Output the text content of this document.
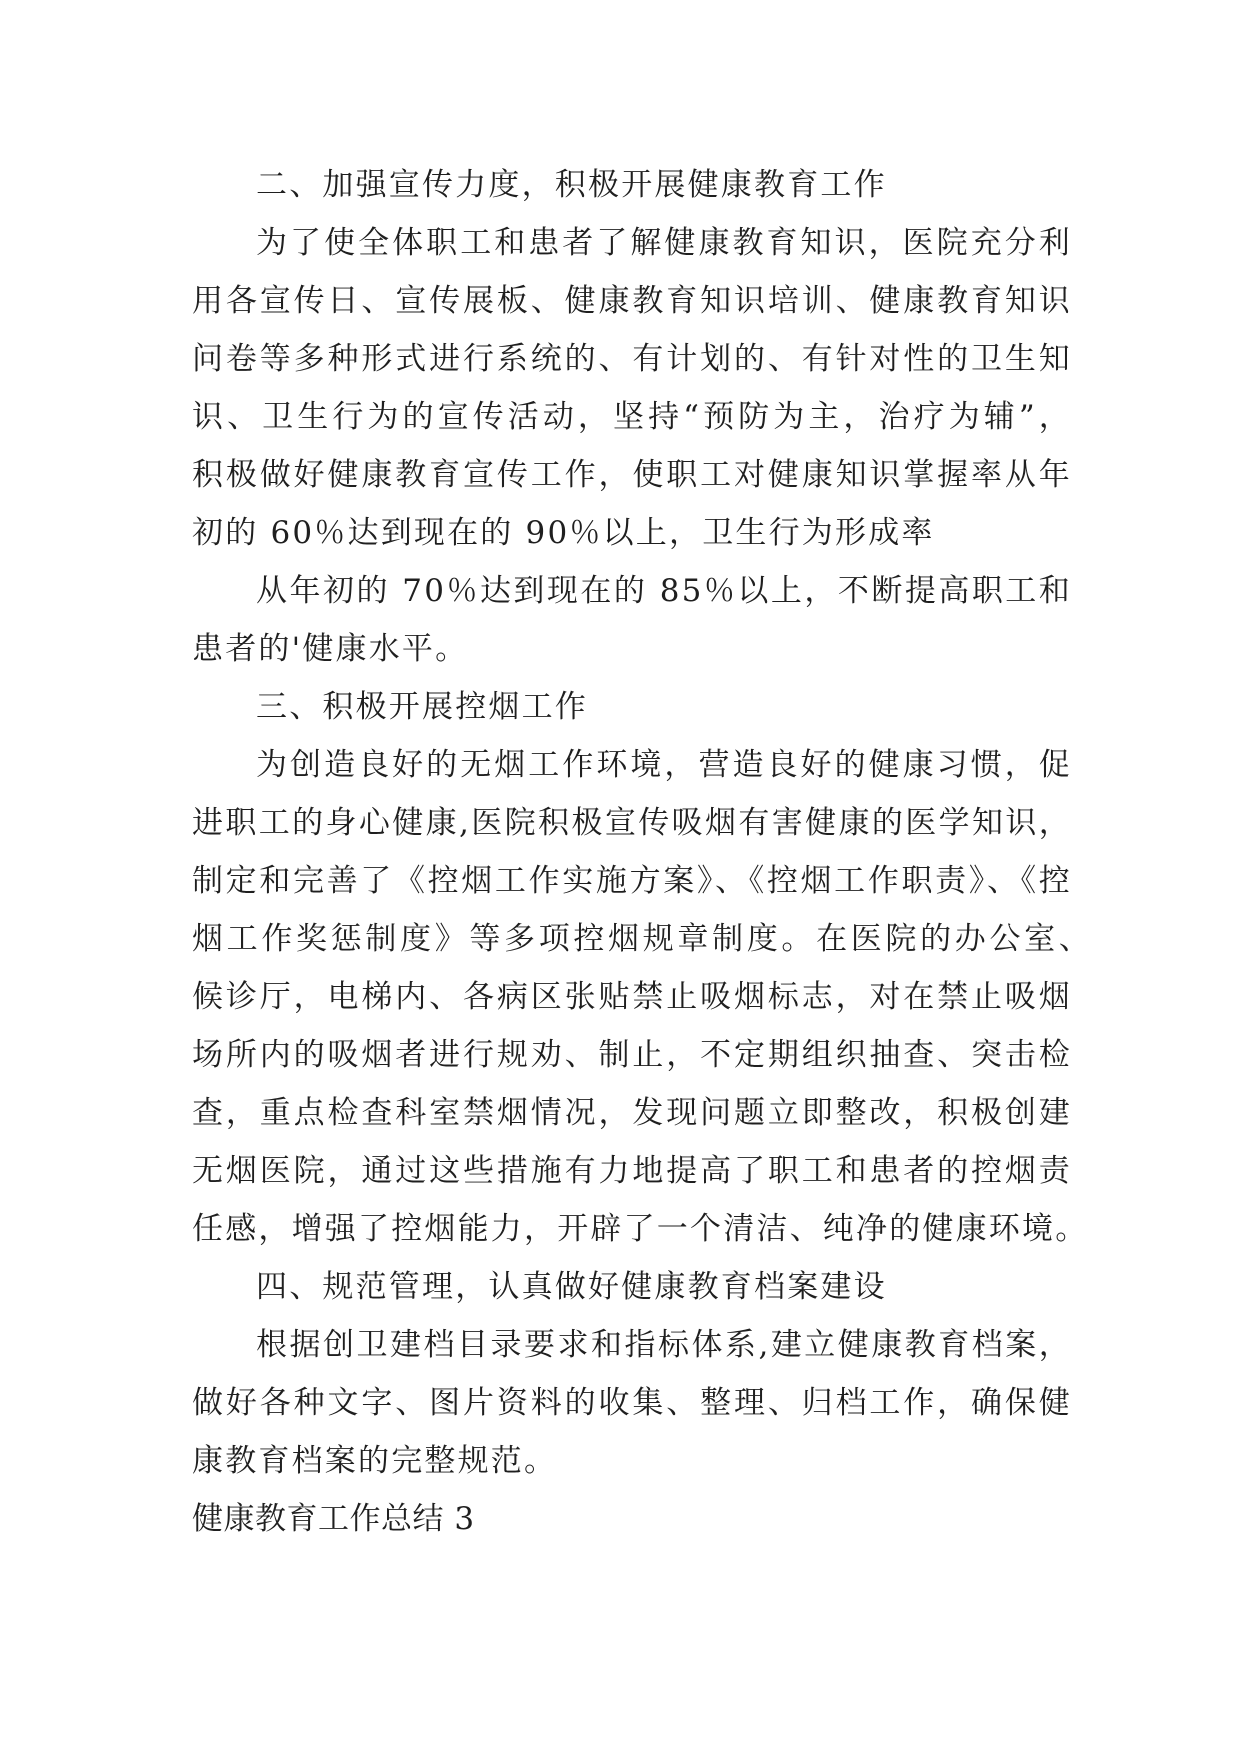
二、加强宣传力度，积极开展健康教育工作
为了使全体职工和患者了解健康教育知识，医院充分利
用各宣传日、宣传展板、健康教育知识培训、健康教育知识
问卷等多种形式进行系统的、有计划的、有针对性的卫生知
识、卫生行为的宣传活动，坚持“预防为主，治疗为辅”，
积极做好健康教育宣传工作，使职工对健康知识掌握率从年
初的 60％达到现在的 90％以上，卫生行为形成率
从年初的 70％达到现在的 85％以上，不断提高职工和
患者的'健康水平。
三、积极开展控烟工作
为创造良好的无烟工作环境，营造良好的健康习惯，促
进职工的身心健康,医院积极宣传吸烟有害健康的医学知识，
制定和完善了《控烟工作实施方案》、《控烟工作职责》、《控
烟工作奖惩制度》等多项控烟规章制度。在医院的办公室、
候诊厅，电梯内、各病区张贴禁止吸烟标志，对在禁止吸烟
场所内的吸烟者进行规劝、制止，不定期组织抽查、突击检
查，重点检查科室禁烟情况，发现问题立即整改，积极创建
无烟医院，通过这些措施有力地提高了职工和患者的控烟责
任感，增强了控烟能力，开辟了一个清洁、纯净的健康环境。
四、规范管理，认真做好健康教育档案建设
根据创卫建档目录要求和指标体系,建立健康教育档案，
做好各种文字、图片资料的收集、整理、归档工作，确保健
康教育档案的完整规范。
健康教育工作总结 3
